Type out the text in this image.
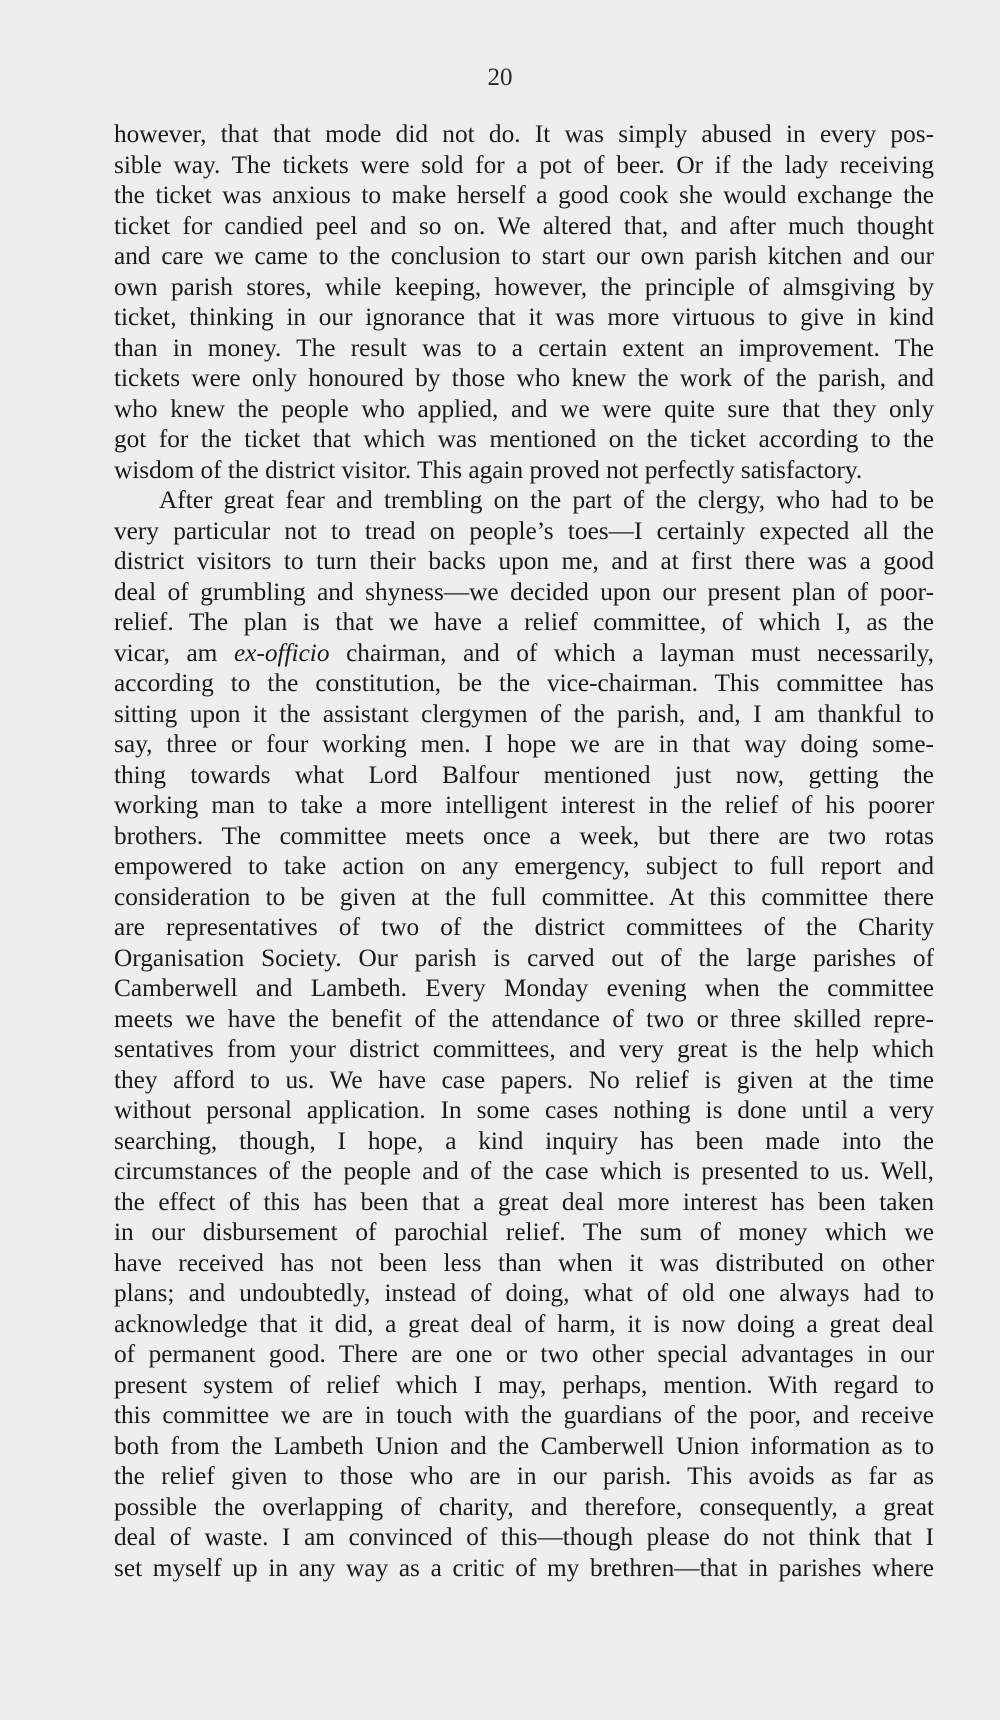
20
however, that that mode did not do. It was simply abused in every pos-
sible way. The tickets were sold for a pot of beer. Or if the lady receiving
the ticket was anxious to make herself a good cook she would exchange the
ticket for candied peel and so on. We altered that, and after much thought
and care we came to the conclusion to start our own parish kitchen and our
own parish stores, while keeping, however, the principle of almsgiving by
ticket, thinking in our ignorance that it was more virtuous to give in kind
than in money. The result was to a certain extent an improvement. The
tickets were only honoured by those who knew the work of the parish, and
who knew the people who applied, and we were quite sure that they only
got for the ticket that which was mentioned on the ticket according to the
wisdom of the district visitor. This again proved not perfectly satisfactory.
After great fear and trembling on the part of the clergy, who had to be
very particular not to tread on people’s toes—I certainly expected all the
district visitors to turn their backs upon me, and at first there was a good
deal of grumbling and shyness—we decided upon our present plan of poor-
relief. The plan is that we have a relief committee, of which I, as the
vicar, am ex-officio chairman, and of which a layman must necessarily,
according to the constitution, be the vice-chairman. This committee has
sitting upon it the assistant clergymen of the parish, and, I am thankful to
say, three or four working men. I hope we are in that way doing some-
thing towards what Lord Balfour mentioned just now, getting the
working man to take a more intelligent interest in the relief of his poorer
brothers. The committee meets once a week, but there are two rotas
empowered to take action on any emergency, subject to full report and
consideration to be given at the full committee. At this committee there
are representatives of two of the district committees of the Charity
Organisation Society. Our parish is carved out of the large parishes of
Camberwell and Lambeth. Every Monday evening when the committee
meets we have the benefit of the attendance of two or three skilled repre-
sentatives from your district committees, and very great is the help which
they afford to us. We have case papers. No relief is given at the time
without personal application. In some cases nothing is done until a very
searching, though, I hope, a kind inquiry has been made into the
circumstances of the people and of the case which is presented to us. Well,
the effect of this has been that a great deal more interest has been taken
in our disbursement of parochial relief. The sum of money which we
have received has not been less than when it was distributed on other
plans; and undoubtedly, instead of doing, what of old one always had to
acknowledge that it did, a great deal of harm, it is now doing a great deal
of permanent good. There are one or two other special advantages in our
present system of relief which I may, perhaps, mention. With regard to
this committee we are in touch with the guardians of the poor, and receive
both from the Lambeth Union and the Camberwell Union information as to
the relief given to those who are in our parish. This avoids as far as
possible the overlapping of charity, and therefore, consequently, a great
deal of waste. I am convinced of this—though please do not think that I
set myself up in any way as a critic of my brethren—that in parishes where
